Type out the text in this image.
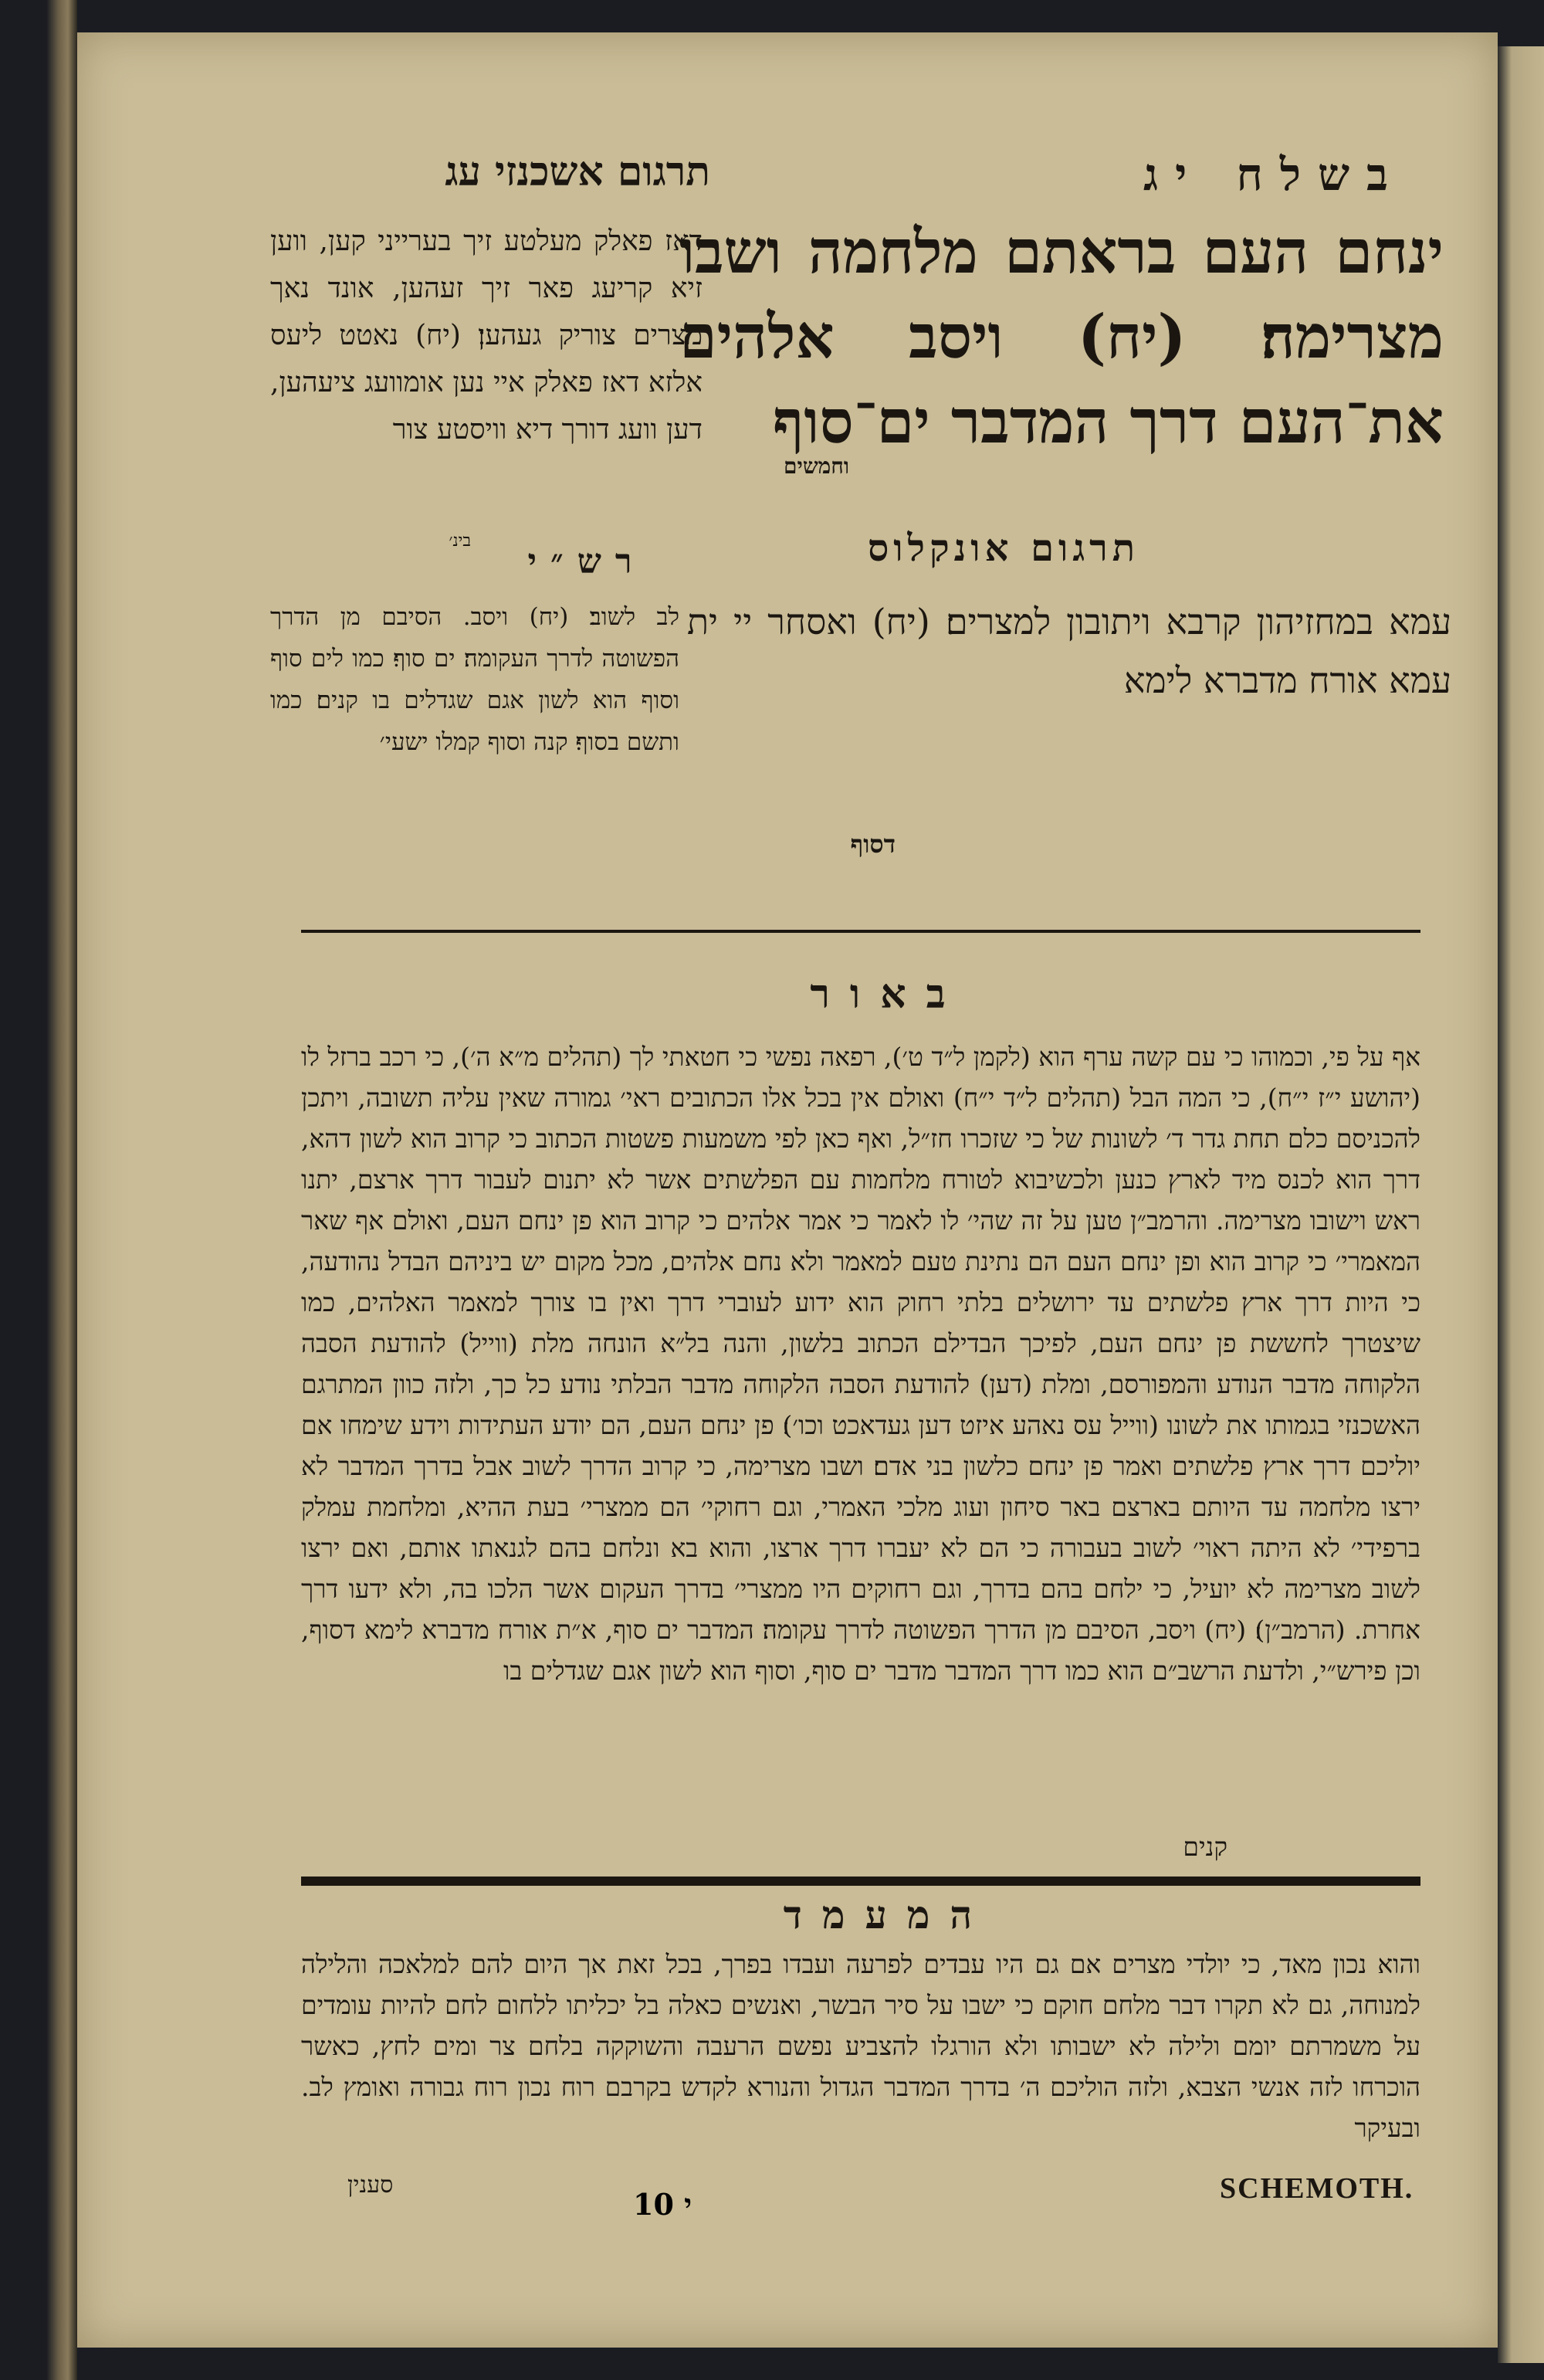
בשלח יג
תרגום אשכנזי עג
ינחם העם בראתם מלחמה ושבו מצרימה׃ (יח) ויסב אלהים את־העם דרך המדבר ים־סוף
וחמשים
דאז פאלק מעלטע זיך בערייני קען, ווען זיא קריעג פאר זיך זעהען, אונד נאך מצרים צוריק געהען׃ (יח) נאטט ליעס אלזא דאז פאלק איי נען אומוועג ציעהען, דען וועג דורך דיא וויסטע צור
בינ׳	תרגום אונקלוס
רש״י
עמא במחזיהון קרבא ויתובון למצרים׃ (יח) ואסחר יי ית עמא אורח מדברא לימא
דסוף
לב לשוב׃ (יח) ויסב. הסיבם מן הדרך הפשוטה לדרך העקומה׃ ים סוף׃ כמו לים סוף וסוף הוא לשון אגם שגדלים בו קנים׃ כמו ותשם בסוף׃ קנה וסוף קמלו ישעי׳
באור
אף על פי, וכמוהו כי עם קשה ערף הוא (לקמן ל״ד ט׳), רפאה נפשי כי חטאתי לך (תהלים מ״א ה׳), כי רכב ברזל לו (יהושע י״ז י״ח), כי המה הבל (תהלים ל״ד י״ח) ואולם אין בכל אלו הכתובים ראי׳ גמורה שאין עליה תשובה, ויתכן להכניסם כלם תחת גדר ד׳ לשונות של כי שזכרו חז״ל, ואף כאן לפי משמעות פשטות הכתוב כי קרוב הוא לשון דהא, דרך הוא לכנס מיד לארץ כנען ולכשיבוא לטורח מלחמות עם הפלשתים אשר לא יתנום לעבור דרך ארצם, יתנו ראש וישובו מצרימה. והרמב״ן טען על זה שהי׳ לו לאמר כי אמר אלהים כי קרוב הוא פן ינחם העם, ואולם אף שאר המאמרי׳ כי קרוב הוא ופן ינחם העם הם נתינת טעם למאמר ולא נחם אלהים, מכל מקום יש ביניהם הבדל נהודעה, כי היות דרך ארץ פלשתים עד ירושלים בלתי רחוק הוא ידוע לעוברי דרך ואין בו צורך למאמר האלהים, כמו שיצטרך לחששת פן ינחם העם, לפיכך הבדילם הכתוב בלשון, והנה בל״א הונחה מלת (ווייל) להודעת הסבה הלקוחה מדבר הנודע והמפורסם, ומלת (דען) להודעת הסבה הלקוחה מדבר הבלתי נודע כל כך, ולזה כוון המתרגם האשכנזי בגמותו את לשונו (ווייל עס נאהע איזט דען געדאכט וכו׳)׃ פן ינחם העם, הם יודע העתידות וידע שימחו אם יוליכם דרך ארץ פלשתים ואמר פן ינחם כלשון בני אדם׃ ושבו מצרימה, כי קרוב הדרך לשוב אבל בדרך המדבר לא ירצו מלחמה עד היותם בארצם באר סיחון ועוג מלכי האמרי, וגם רחוקי׳ הם ממצרי׳ בעת ההיא, ומלחמת עמלק ברפידי׳ לא היתה ראוי׳ לשוב בעבורה כי הם לא יעברו דרך ארצו, והוא בא ונלחם בהם לגנאתו אותם, ואם ירצו לשוב מצרימה לא יועיל, כי ילחם בהם בדרך, וגם רחוקים היו ממצרי׳ בדרך העקום אשר הלכו בה, ולא ידעו דרך אחרת. (הרמב״ן)׃ (יח) ויסב, הסיבם מן הדרך הפשוטה לדרך עקומה׃ המדבר ים סוף, א״ת אורח מדברא לימא דסוף, וכן פירש״י, ולדעת הרשב״ם הוא כמו דרך המדבר מדבר ים סוף, וסוף הוא לשון אגם שגדלים בו
קנים
המעמד
והוא נכון מאד, כי יולדי מצרים אם גם היו עבדים לפרעה ועבדו בפרך, בכל זאת אך היום להם למלאכה והלילה למנוחה, גם לא תקרו דבר מלחם חוקם כי ישבו על סיר הבשר, ואנשים כאלה בל יכליתו ללחום לחם להיות עומדים על משמרתם יומם ולילה לא ישבותו ולא הורגלו להצביע נפשם הרעבה והשוקקה בלחם צר ומים לחץ, כאשר הוכרחו לזה אנשי הצבא, ולזה הוליכם ה׳ בדרך המדבר הגדול והנורא לקדש בקרבם רוח נכון רוח גבורה ואומץ לב. ובעיקר
סענין
י 10	SCHEMOTH.
